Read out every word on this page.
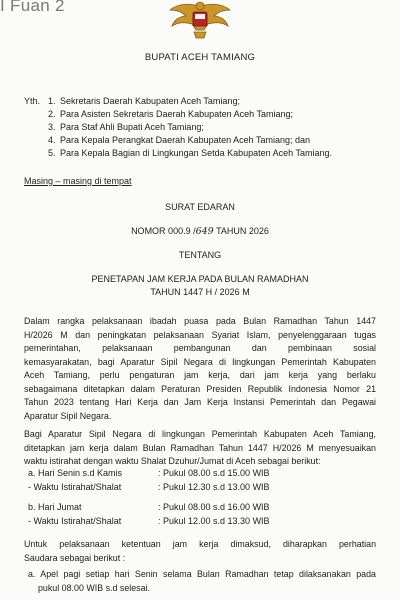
I Fuan 2
BUPATI ACEH TAMIANG
Yth. 1. Sekretaris Daerah Kabupaten Aceh Tamiang;
2. Para Asisten Sekretaris Daerah Kabupaten Aceh Tamiang;
3. Para Staf Ahli Bupati Aceh Tamiang;
4. Para Kepala Perangkat Daerah Kabupaten Aceh Tamiang; dan
5. Para Kepala Bagian di Lingkungan Setda Kabupaten Aceh Tamiang.
Masing – masing di tempat
SURAT EDARAN
NOMOR 000.9 /649 TAHUN 2026
TENTANG
PENETAPAN JAM KERJA PADA BULAN RAMADHAN
TAHUN 1447 H / 2026 M
Dalam rangka pelaksanaan ibadah puasa pada Bulan Ramadhan Tahun 1447
H/2026 M dan peningkatan pelaksanaan Syariat Islam, penyelenggaraan tugas
pemerintahan, pelaksanaan pembangunan dan pembinaan sosial
kemasyarakatan, bagi Aparatur Sipil Negara di lingkungan Pemerintah Kabupaten
Aceh Tamiang, perlu pengaturan jam kerja, dari jam kerja yang berlaku
sebagaimana ditetapkan dalam Peraturan Presiden Republik Indonesia Nomor 21
Tahun 2023 tentang Hari Kerja dan Jam Kerja Instansi Pemerintah dan Pegawai
Aparatur Sipil Negara.
Bagi Aparatur Sipil Negara di lingkungan Pemerintah Kabupaten Aceh Tamiang,
ditetapkan jam kerja dalam Bulan Ramadhan Tahun 1447 H/2026 M menyesuaikan
waktu istirahat dengan waktu Shalat Dzuhur/Jumat di Aceh sebagai berikut:
a. Hari Senin s.d Kamis	: Pukul 08.00 s.d 15.00 WIB
- Waktu Istirahat/Shalat	: Pukul 12.30 s.d 13.00 WIB
b. Hari Jumat	: Pukul 08.00 s.d 16.00 WIB
- Waktu Istirahat/Shalat	: Pukul 12.00 s.d 13.30 WIB
Untuk pelaksanaan ketentuan jam kerja dimaksud, diharapkan perhatian
Saudara sebagai berikut :
a. Apel pagi setiap hari Senin selama Bulan Ramadhan tetap dilaksanakan pada
pukul 08.00 WIB s.d selesai.
